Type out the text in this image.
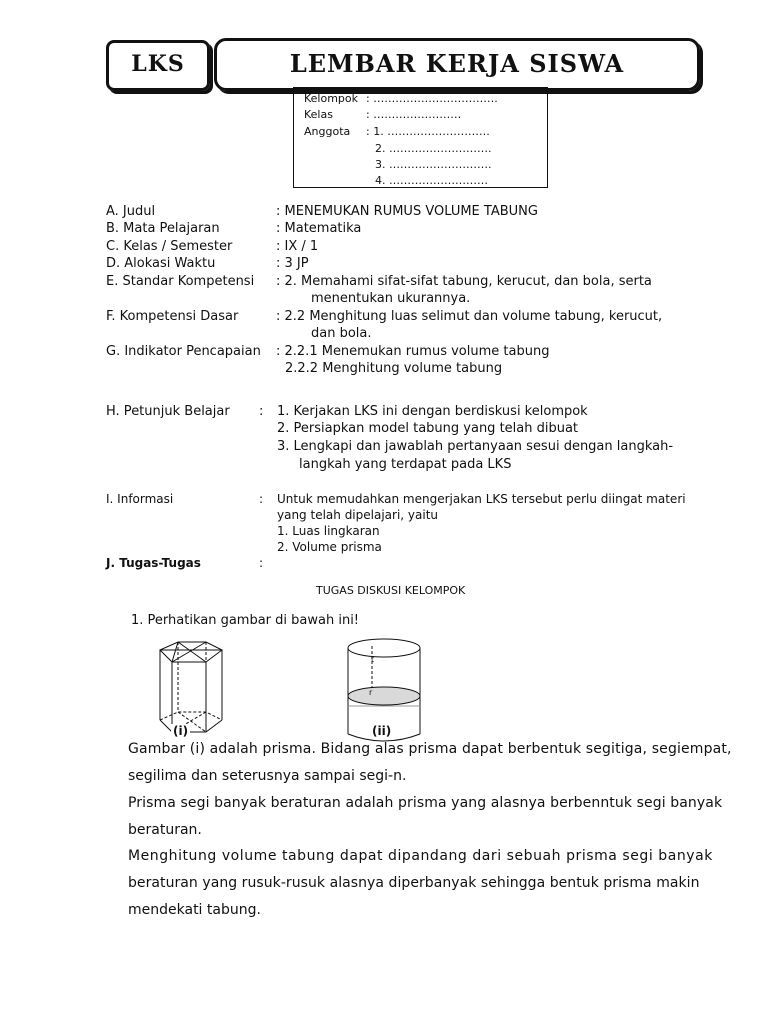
LKS	LEMBAR KERJA SISWA
Kelompok : …………………………….
Kelas	: ……………………
Anggota : 1. ……………………….
2. ……………………….
3. ……………………….
4. ………………………
A. Judul	: MENEMUKAN RUMUS VOLUME TABUNG
B. Mata Pelajaran	: Matematika
C. Kelas / Semester	: IX / 1
D. Alokasi Waktu	: 3 JP
E. Standar Kompetensi : 2. Memahami sifat-sifat tabung, kerucut, dan bola, serta
menentukan ukurannya.
F. Kompetensi Dasar	: 2.2 Menghitung luas selimut dan volume tabung, kerucut,
dan bola.
G. Indikator Pencapaian : 2.2.1 Menemukan rumus volume tabung
2.2.2 Menghitung volume tabung
H. Petunjuk Belajar : 1. Kerjakan LKS ini dengan berdiskusi kelompok
2. Persiapkan model tabung yang telah dibuat
3. Lengkapi dan jawablah pertanyaan sesui dengan langkah-
langkah yang terdapat pada LKS
I. Informasi	: Untuk memudahkan mengerjakan LKS tersebut perlu diingat materi
yang telah dipelajari, yaitu
1. Luas lingkaran
2. Volume prisma
J. Tugas-Tugas	:
TUGAS DISKUSI KELOMPOK
1. Perhatikan gambar di bawah ini!
(i)
t
r
(ii)
Gambar (i) adalah prisma. Bidang alas prisma dapat berbentuk segitiga, segiempat,
segilima dan seterusnya sampai segi-n.
Prisma segi banyak beraturan adalah prisma yang alasnya berbenntuk segi banyak
beraturan.
Menghitung volume tabung dapat dipandang dari sebuah prisma segi banyak
beraturan yang rusuk-rusuk alasnya diperbanyak sehingga bentuk prisma makin
mendekati tabung.
